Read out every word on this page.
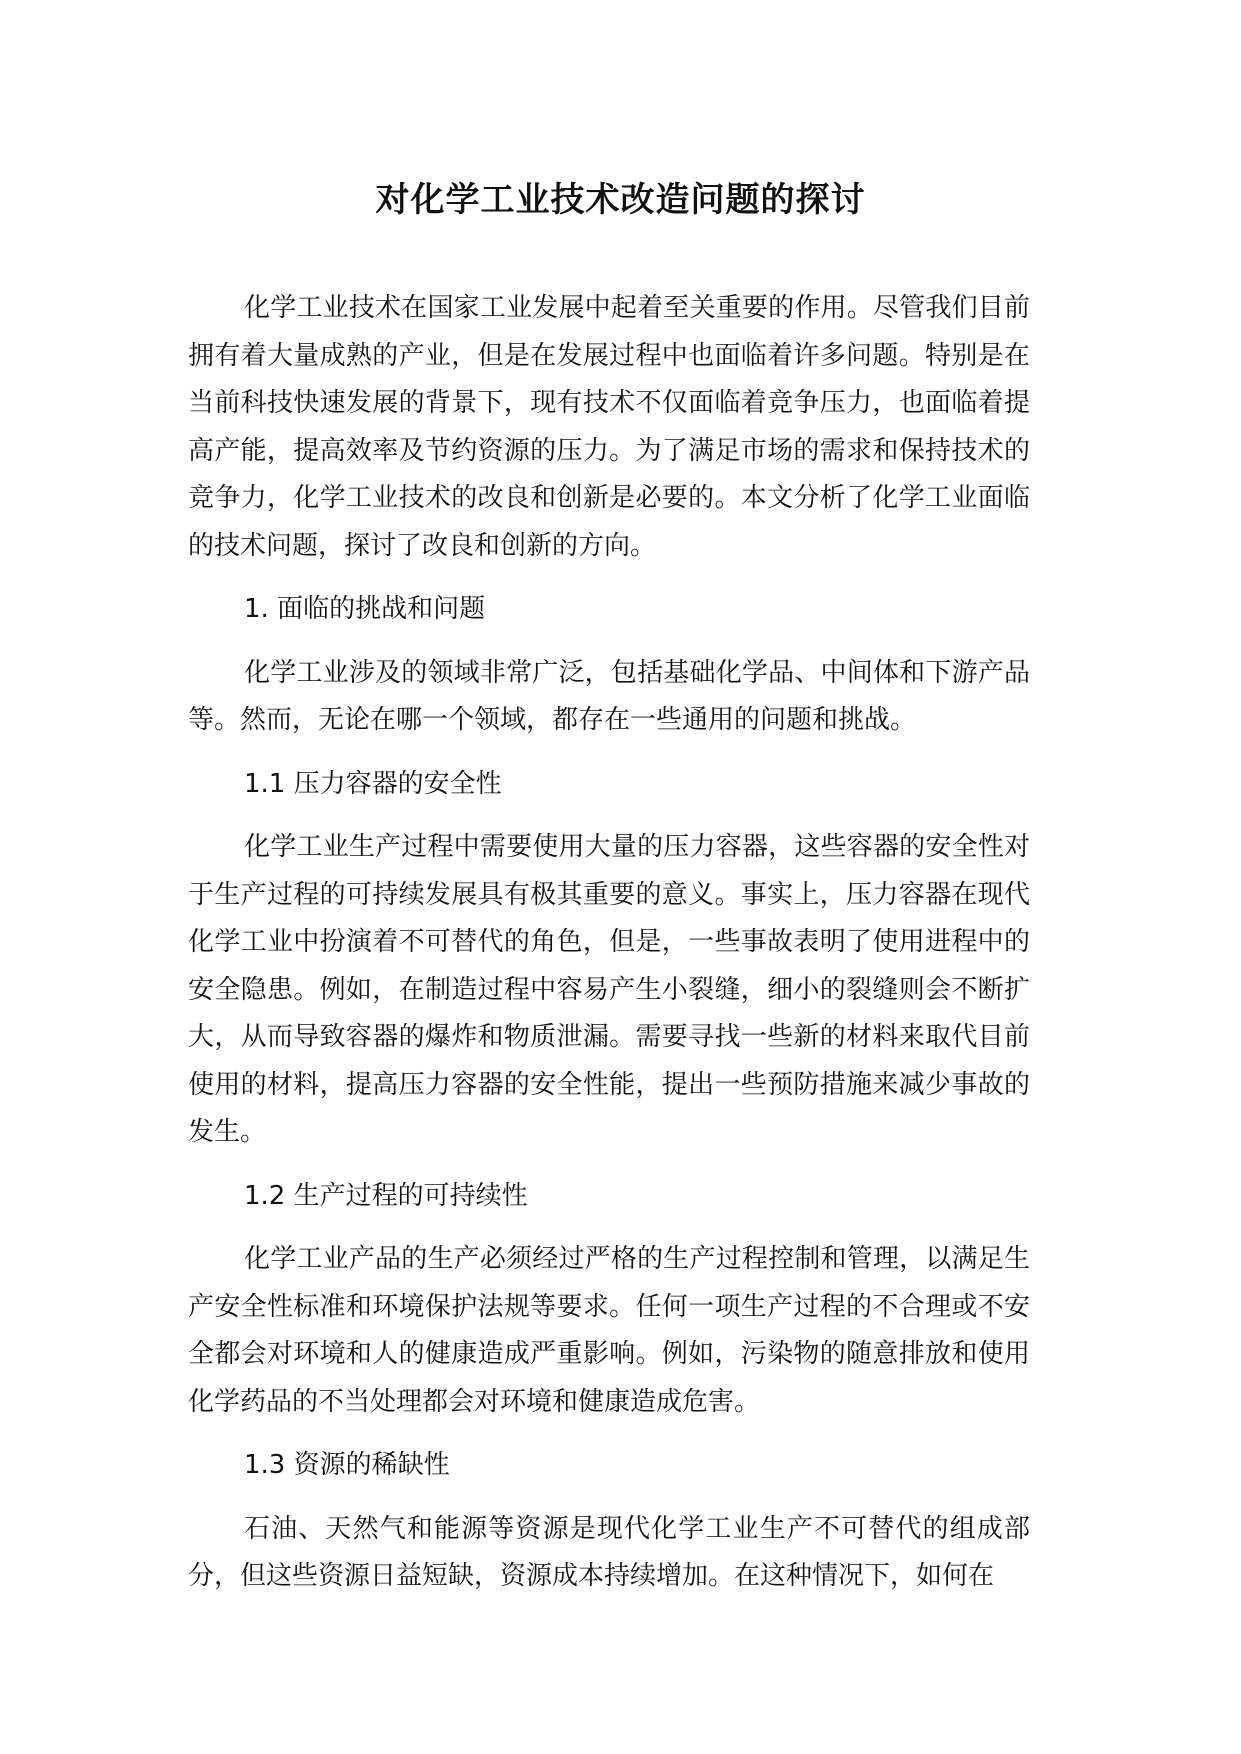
对化学工业技术改造问题的探讨

化学工业技术在国家工业发展中起着至关重要的作用。尽管我们目前拥有着大量成熟的产业，但是在发展过程中也面临着许多问题。特别是在当前科技快速发展的背景下，现有技术不仅面临着竞争压力，也面临着提高产能，提高效率及节约资源的压力。为了满足市场的需求和保持技术的竞争力，化学工业技术的改良和创新是必要的。本文分析了化学工业面临的技术问题，探讨了改良和创新的方向。

1. 面临的挑战和问题

化学工业涉及的领域非常广泛，包括基础化学品、中间体和下游产品等。然而，无论在哪一个领域，都存在一些通用的问题和挑战。

1.1 压力容器的安全性

化学工业生产过程中需要使用大量的压力容器，这些容器的安全性对于生产过程的可持续发展具有极其重要的意义。事实上，压力容器在现代化学工业中扮演着不可替代的角色，但是，一些事故表明了使用进程中的安全隐患。例如，在制造过程中容易产生小裂缝，细小的裂缝则会不断扩大，从而导致容器的爆炸和物质泄漏。需要寻找一些新的材料来取代目前使用的材料，提高压力容器的安全性能，提出一些预防措施来减少事故的发生。

1.2 生产过程的可持续性

化学工业产品的生产必须经过严格的生产过程控制和管理，以满足生产安全性标准和环境保护法规等要求。任何一项生产过程的不合理或不安全都会对环境和人的健康造成严重影响。例如，污染物的随意排放和使用化学药品的不当处理都会对环境和健康造成危害。

1.3 资源的稀缺性

石油、天然气和能源等资源是现代化学工业生产不可替代的组成部分，但这些资源日益短缺，资源成本持续增加。在这种情况下，如何在
